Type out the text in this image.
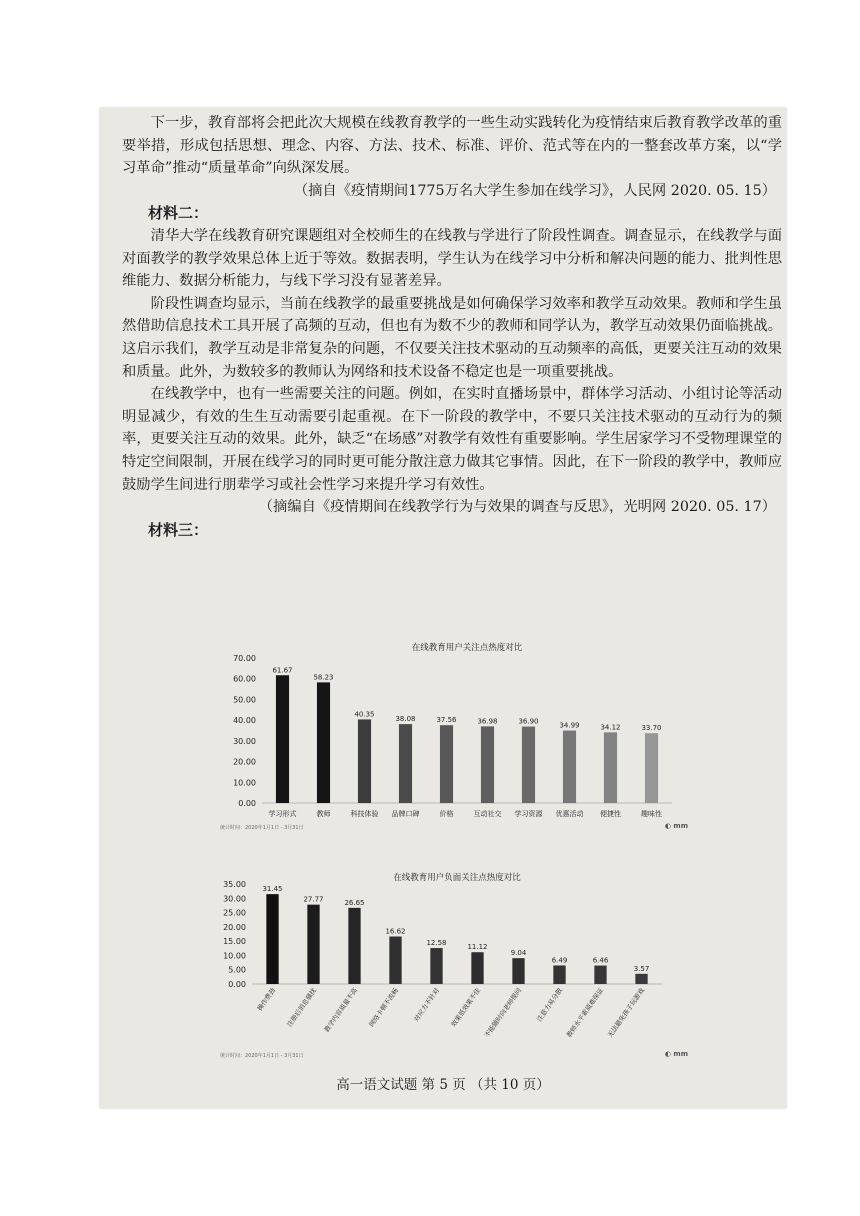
下一步，教育部将会把此次大规模在线教育教学的一些生动实践转化为疫情结束后教育教学改革的重要举措，形成包括思想、理念、内容、方法、技术、标准、评价、范式等在内的一整套改革方案，以“学习革命”推动“质量革命”向纵深发展。

（摘自《疫情期间1775万名大学生参加在线学习》，人民网 2020. 05. 15）

材料二：

清华大学在线教育研究课题组对全校师生的在线教与学进行了阶段性调查。调查显示，在线教学与面对面教学的教学效果总体上近于等效。数据表明，学生认为在线学习中分析和解决问题的能力、批判性思维能力、数据分析能力，与线下学习没有显著差异。

阶段性调查均显示，当前在线教学的最重要挑战是如何确保学习效率和教学互动效果。教师和学生虽然借助信息技术工具开展了高频的互动，但也有为数不少的教师和同学认为，教学互动效果仍面临挑战。这启示我们，教学互动是非常复杂的问题，不仅要关注技术驱动的互动频率的高低，更要关注互动的效果和质量。此外，为数较多的教师认为网络和技术设备不稳定也是一项重要挑战。

在线教学中，也有一些需要关注的问题。例如，在实时直播场景中，群体学习活动、小组讨论等活动明显减少，有效的生生互动需要引起重视。在下一阶段的教学中，不要只关注技术驱动的互动行为的频率，更要关注互动的效果。此外，缺乏“在场感”对教学有效性有重要影响。学生居家学习不受物理课堂的特定空间限制，开展在线学习的同时更可能分散注意力做其它事情。因此，在下一阶段的教学中，教师应鼓励学生间进行朋辈学习或社会性学习来提升学习有效性。

（摘编自《疫情期间在线教学行为与效果的调查与反思》，光明网 2020. 05. 17）

材料三：

在线教育用户关注点热度对比
0.00
10.00
20.00
30.00
40.00
50.00
60.00
70.00
61.67
学习形式
58.23
教师
40.35
科技体验
38.08
品牌口碑
37.56
价格
36.98
互动社交
36.90
学习资源
34.99
优惠活动
34.12
便捷性
33.70
趣味性
统计时间：2020年1月1日 - 3月31日	◐ mm
在线教育用户负面关注点热度对比
0.00
5.00
10.00
15.00
20.00
25.00
30.00
35.00
31.45
操作费劲
27.77
注册后消息骚扰
26.65
教学内容质量不高
16.62
网络卡顿不流畅
12.58
对应力不针对
11.12
效果低效果不佳
9.04
不能随时向老师提问
6.49
注意力易分散
6.46
教师水平素质难保证
3.57
无法避免孩子玩游戏
统计时间：2020年1月1日 - 3月31日	◐ mm
高一语文试题 第 5 页 （共 10 页）
